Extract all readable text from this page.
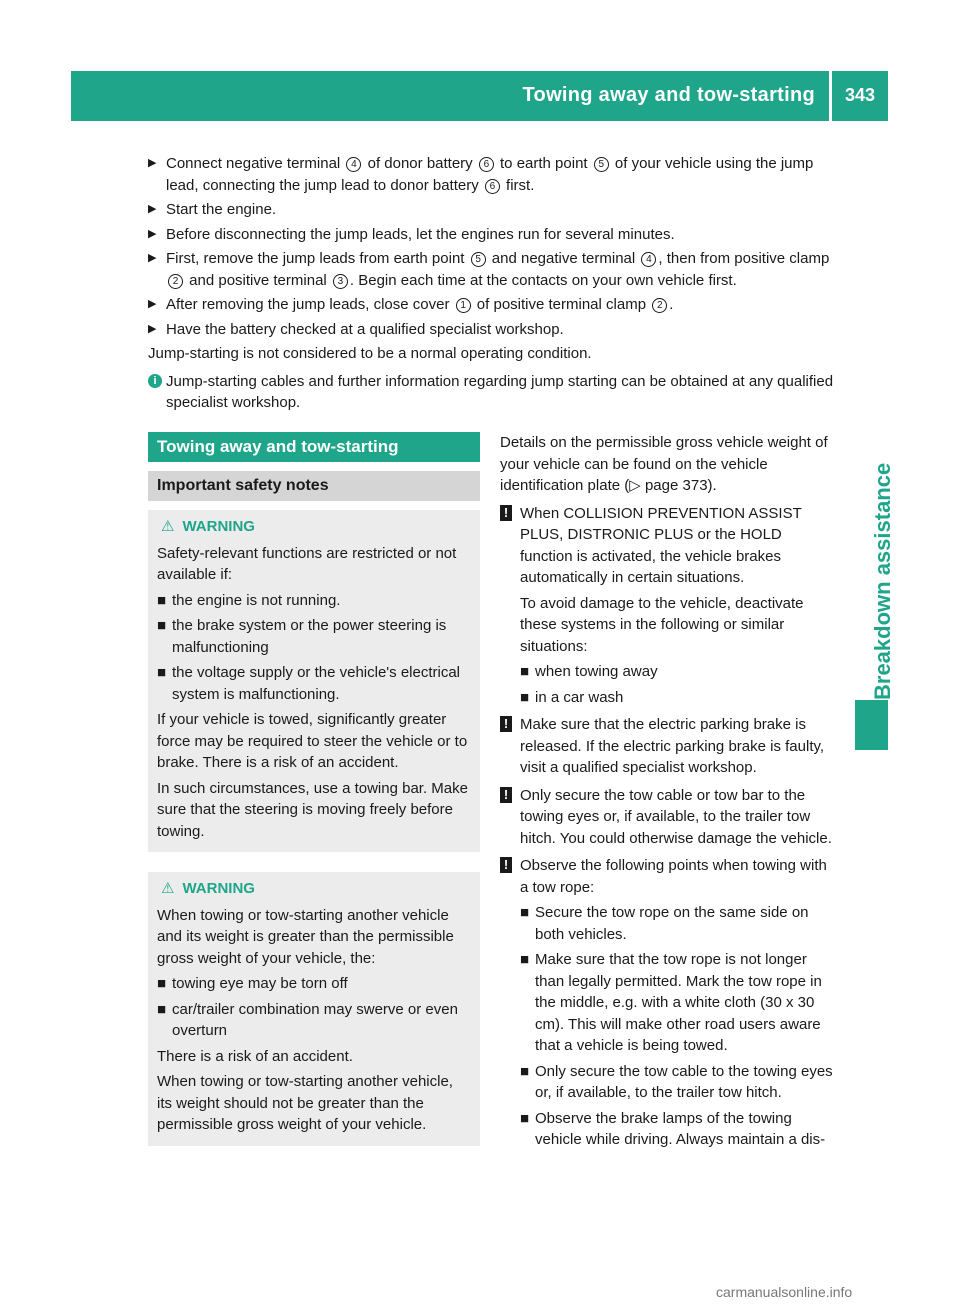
Towing away and tow-starting	343
Breakdown assistance
▶ Connect negative terminal 4 of donor battery 6 to earth point 5 of your vehicle using the jump lead, connecting the jump lead to donor battery 6 first.
▶ Start the engine.
▶ Before disconnecting the jump leads, let the engines run for several minutes.
▶ First, remove the jump leads from earth point 5 and negative terminal 4 , then from positive clamp 2 and positive terminal 3 . Begin each time at the contacts on your own vehicle first.
▶ After removing the jump leads, close cover 1 of positive terminal clamp 2 .
▶ Have the battery checked at a qualified specialist workshop.

Jump-starting is not considered to be a normal operating condition.

i Jump-starting cables and further information regarding jump starting can be obtained at any qualified specialist workshop.
Towing away and tow-starting
Important safety notes
⚠ WARNING

Safety-relevant functions are restricted or not available if:

■ the engine is not running.
■ the brake system or the power steering is malfunctioning
■ the voltage supply or the vehicle's electrical system is malfunctioning.

If your vehicle is towed, significantly greater force may be required to steer the vehicle or to brake. There is a risk of an accident.

In such circumstances, use a towing bar. Make sure that the steering is moving freely before towing.

⚠ WARNING

When towing or tow-starting another vehicle and its weight is greater than the permissible gross weight of your vehicle, the:

■ towing eye may be torn off
■ car/trailer combination may swerve or even overturn

There is a risk of an accident.

When towing or tow-starting another vehicle, its weight should not be greater than the permissible gross weight of your vehicle.

Details on the permissible gross vehicle weight of your vehicle can be found on the vehicle identification plate (▷ page 373).

! When COLLISION PREVENTION ASSIST PLUS, DISTRONIC PLUS or the HOLD function is activated, the vehicle brakes automatically in certain situations.

To avoid damage to the vehicle, deactivate these systems in the following or similar situations:

■ when towing away
■ in a car wash
! Make sure that the electric parking brake is released. If the electric parking brake is faulty, visit a qualified specialist workshop.

! Only secure the tow cable or tow bar to the towing eyes or, if available, to the trailer tow hitch. You could otherwise damage the vehicle.

! Observe the following points when towing with a tow rope:

■ Secure the tow rope on the same side on both vehicles.
■ Make sure that the tow rope is not longer than legally permitted. Mark the tow rope in the middle, e.g. with a white cloth (30 x 30 cm). This will make other road users aware that a vehicle is being towed.
■ Only secure the tow cable to the towing eyes or, if available, to the trailer tow hitch.
■ Observe the brake lamps of the towing vehicle while driving. Always maintain a dis-
carmanualsonline.info
